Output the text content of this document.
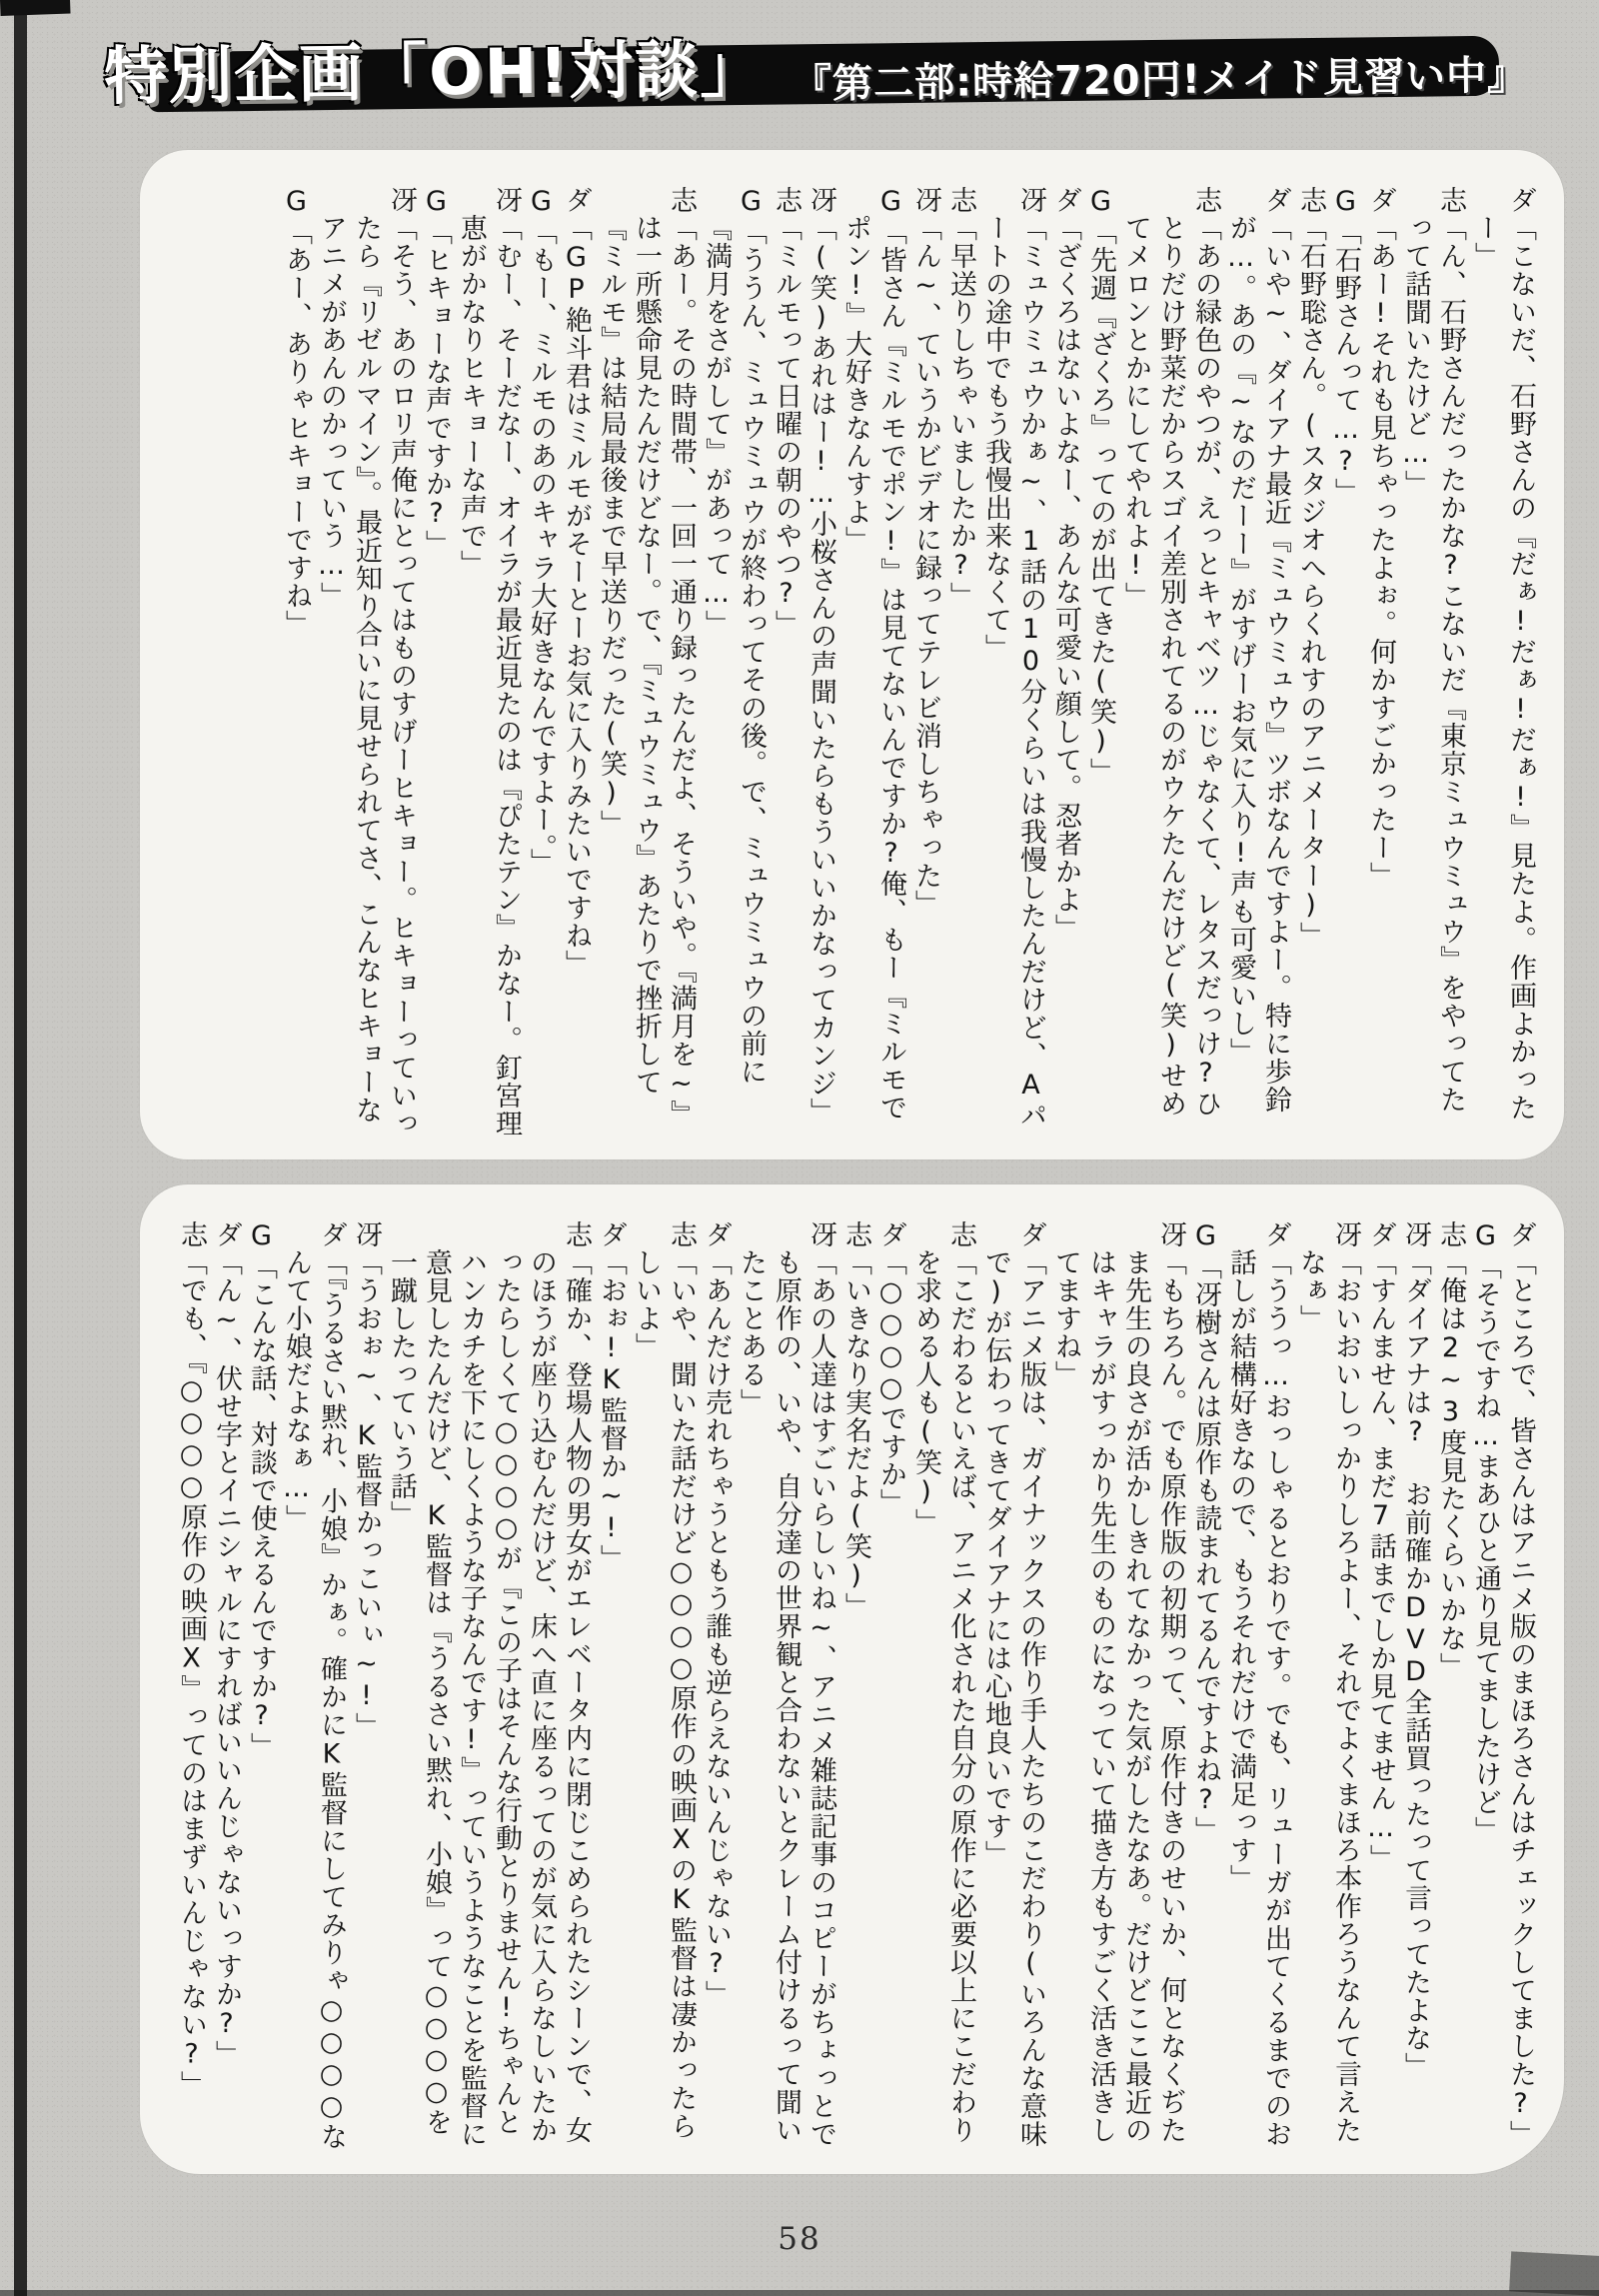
特別企画「OH!対談」 『第二部:時給720円!メイド見習い中』

ダ「こないだ、石野さんの『だぁ!だぁ!だぁ!』見たよ。作画よかったー」

志「ん、石野さんだったかな?こないだ『東京ミュウミュウ』をやってたって話聞いたけど…」

ダ「あー!それも見ちゃったよぉ。何かすごかったー」

G「石野さんって…?」

志「石野聡さん。(スタジオへらくれすのアニメーター)」

ダ「いや~、ダイアナ最近『ミュウミュウ』ツボなんですよー。特に歩鈴が…。あの『~なのだーー』がすげーお気に入り!声も可愛いし」

志「あの緑色のやつが、えっとキャベツ…じゃなくて、レタスだっけ?ひとりだけ野菜だからスゴイ差別されてるのがウケたんだけど(笑)せめてメロンとかにしてやれよ!」

G「先週『ざくろ』ってのが出てきた(笑)」

ダ「ざくろはないよなー、あんな可愛い顔して。忍者かよ」

冴「ミュウミュウかぁ~、1話の10分くらいは我慢したんだけど、Aパートの途中でもう我慢出来なくて」

志「早送りしちゃいましたか?」

冴「ん~、ていうかビデオに録ってテレビ消しちゃった」

G「皆さん『ミルモでポン!』は見てないんですか?俺、もー『ミルモでポン!』大好きなんすよ」

冴「(笑)あれはー!…小桜さんの声聞いたらもういいかなってカンジ」

志「ミルモって日曜の朝のやつ?」

G「ううん、ミュウミュウが終わってその後。で、ミュウミュウの前に『満月をさがして』があって…」

志「あー。その時間帯、一回一通り録ったんだよ、そういや。『満月を~』は一所懸命見たんだけどなー。で、『ミュウミュウ』あたりで挫折して『ミルモ』は結局最後まで早送りだった(笑)」

ダ「GP絶斗君はミルモがそーとーお気に入りみたいですね」

G「もー、ミルモのあのキャラ大好きなんですよー。」

冴「むー、そーだなー、オイラが最近見たのは『ぴたテン』かなー。釘宮理恵がかなりヒキョーな声で」

G「ヒキョーな声ですか?」

冴「そう、あのロリ声俺にとってはものすげーヒキョー。ヒキョーっていったら『リゼルマイン』。最近知り合いに見せられてさ、こんなヒキョーなアニメがあんのかっていう…」

G「あー、ありゃヒキョーですね」

ダ「ところで、皆さんはアニメ版のまほろさんはチェックしてました?」

G「そうですね…まあひと通り見てましたけど」

志「俺は2~3度見たくらいかな」

冴「ダイアナは? お前確かDVD全話買ったって言ってたよな」

ダ「すんません、まだ7話までしか見てません…」

冴「おいおいしっかりしろよー、それでよくまほろ本作ろうなんて言えたなぁ」

ダ「ううっ…おっしゃるとおりです。でも、リューガが出てくるまでのお話しが結構好きなので、もうそれだけで満足っす」

G「冴樹さんは原作も読まれてるんですよね?」

冴「もちろん。でも原作版の初期って、原作付きのせいか、何となくぢたま先生の良さが活かしきれてなかった気がしたなあ。だけどここ最近のはキャラがすっかり先生のものになっていて描き方もすごく活き活きしてますね」

ダ「アニメ版は、ガイナックスの作り手人たちのこだわり(いろんな意味で)が伝わってきてダイアナには心地良いです」

志「こだわるといえば、アニメ化された自分の原作に必要以上にこだわりを求める人も(笑)」

ダ「○○○○ですか」

志「いきなり実名だよ(笑)」

冴「あの人達はすごいらしいね~、アニメ雑誌記事のコピーがちょっとでも原作の、いや、自分達の世界観と合わないとクレーム付けるって聞いたことある」

ダ「あんだけ売れちゃうともう誰も逆らえないんじゃない?」

志「いや、聞いた話だけど○○○○原作の映画XのK監督は凄かったらしいよ」

ダ「おぉ!K監督か~!」

志「確か、登場人物の男女がエレベータ内に閉じこめられたシーンで、女のほうが座り込むんだけど、床へ直に座るってのが気に入らなしいたかったらしくて○○○○が『この子はそんな行動とりません!ちゃんとハンカチを下にしくような子なんです!』っていうようなことを監督に意見したんだけど、K監督は『うるさい黙れ、小娘』って○○○○を一蹴したっていう話」

冴「うおぉ~、K監督かっこいぃ~!」

ダ「『うるさい黙れ、小娘』かぁ。確かにK監督にしてみりゃ○○○○なんて小娘だよなぁ…」

G「こんな話、対談で使えるんですか?」

ダ「ん~、伏せ字とイニシャルにすればいいんじゃないっすか?」

志「でも、『○○○○原作の映画X』ってのはまずいんじゃない?」

58
